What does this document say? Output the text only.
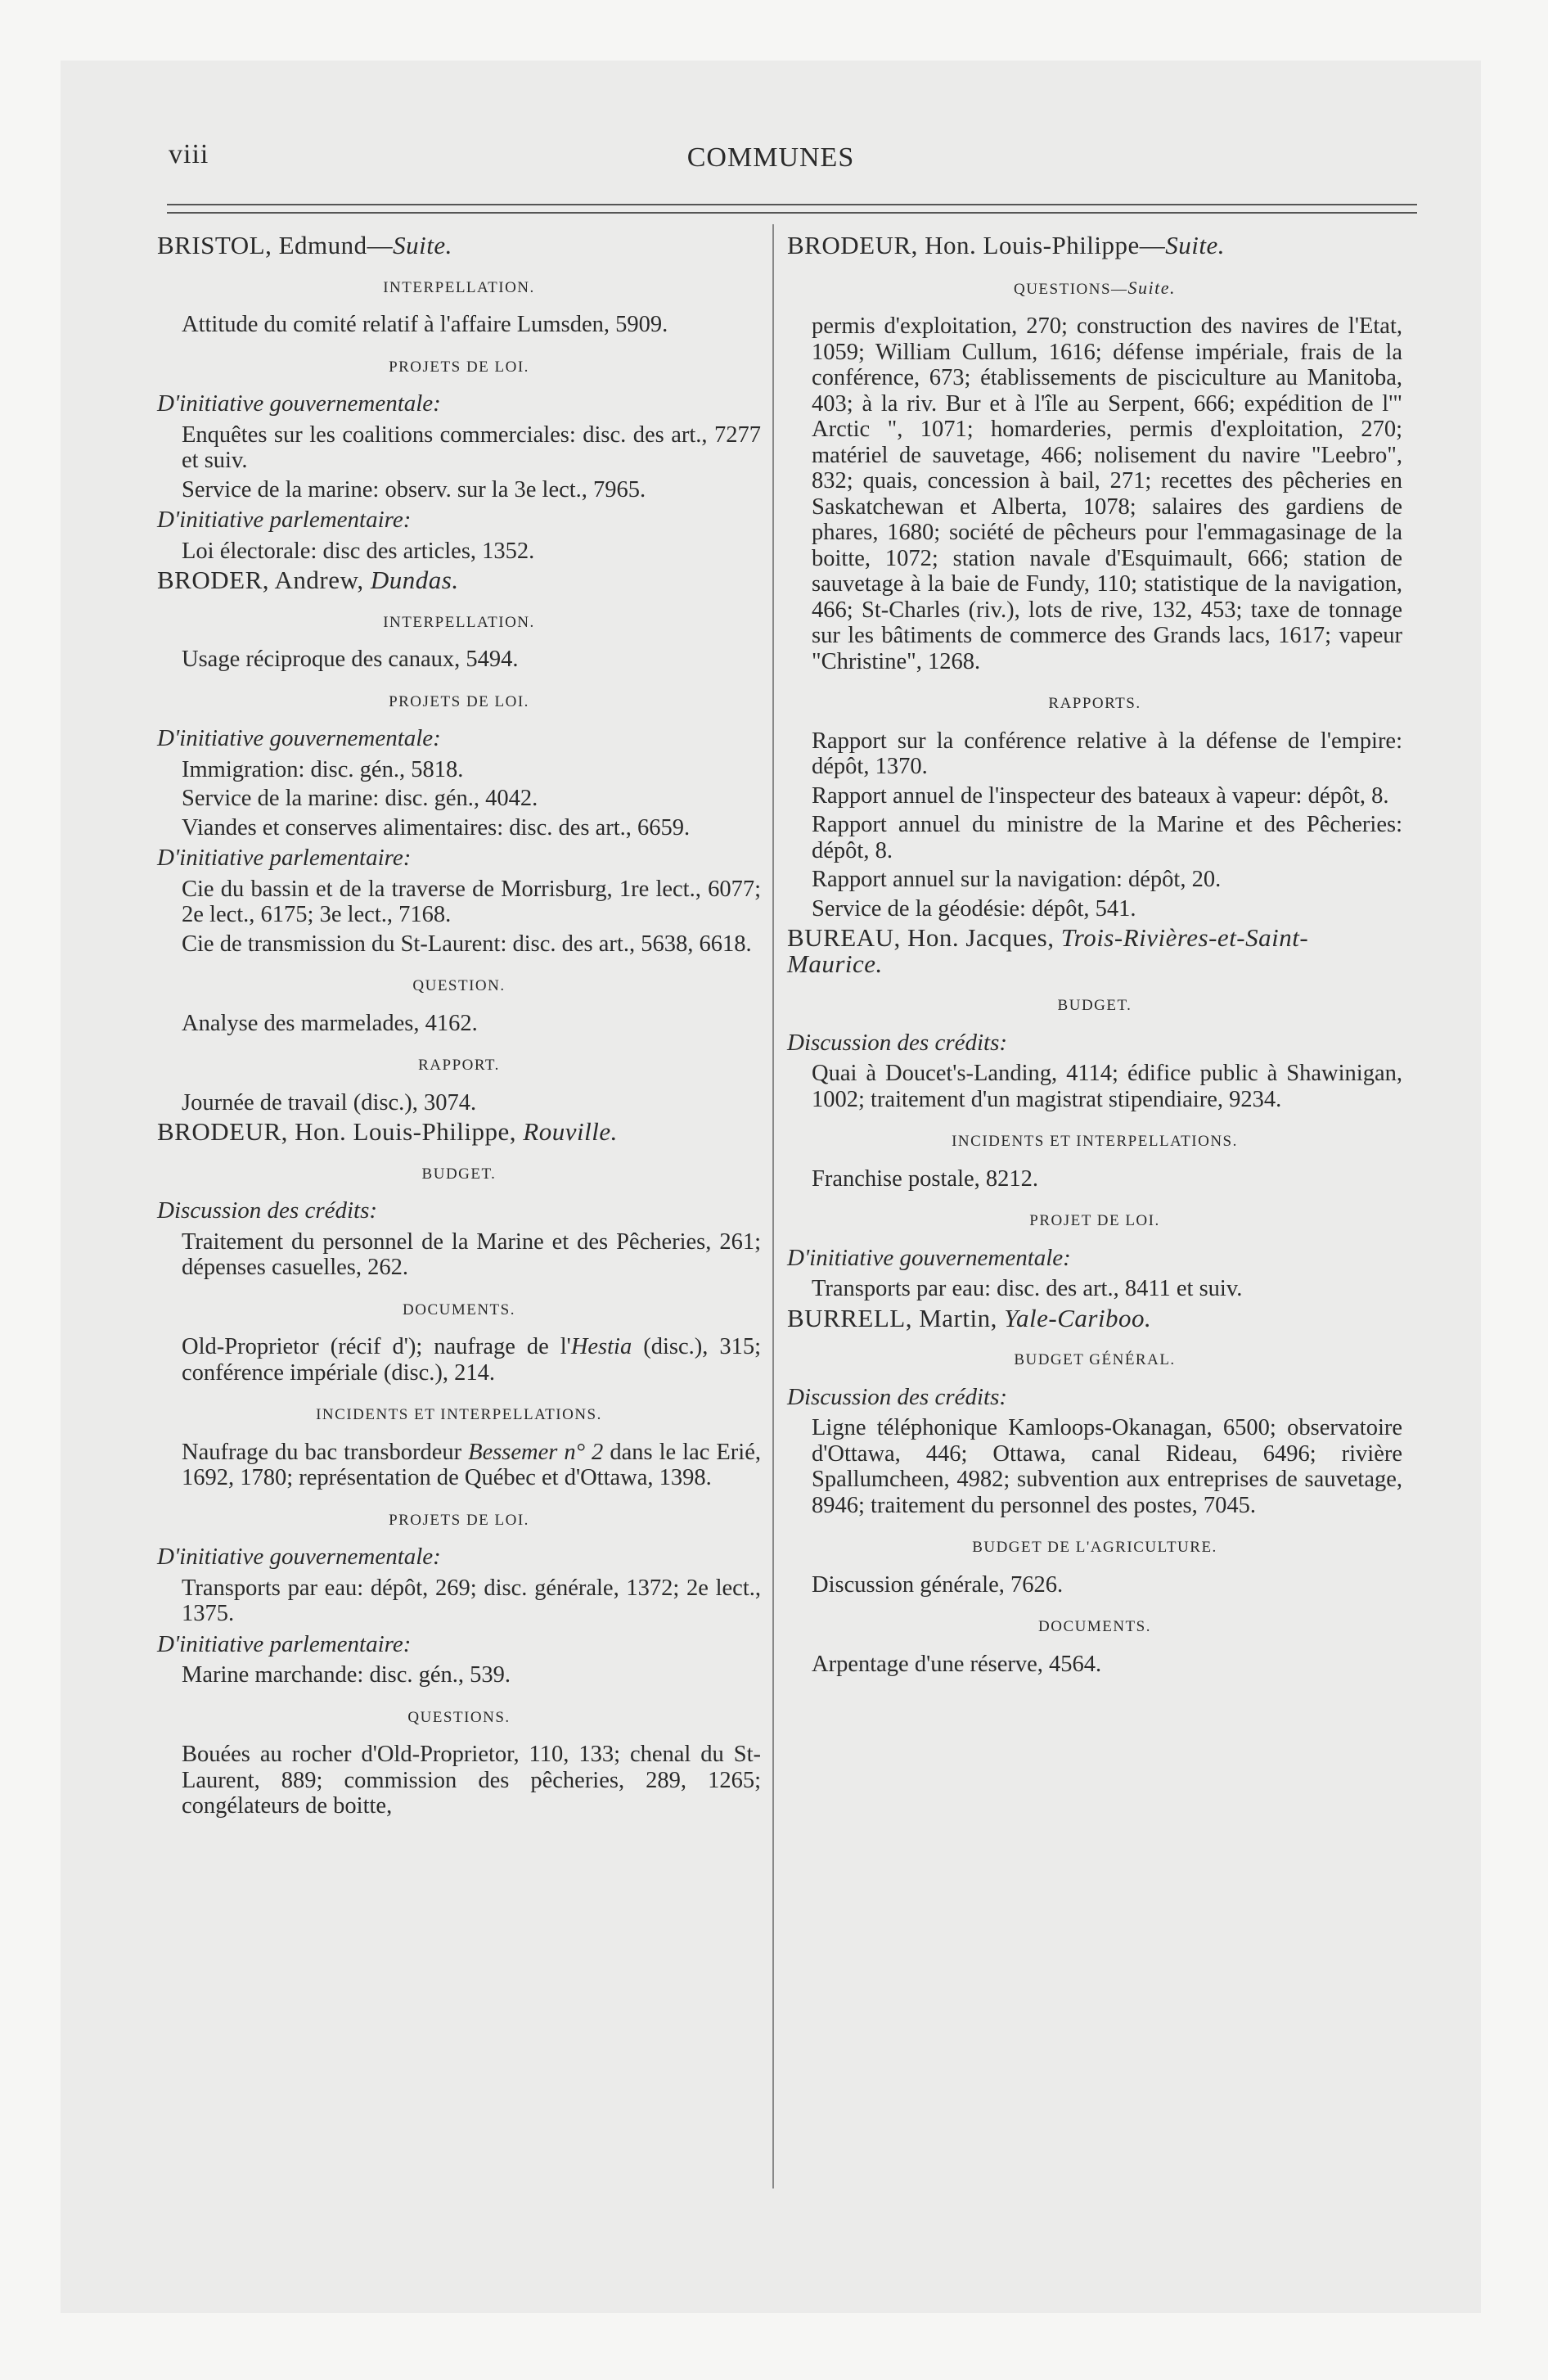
viii	COMMUNES
BRISTOL, Edmund—Suite.
INTERPELLATION.
Attitude du comité relatif à l'affaire Lumsden, 5909.
PROJETS DE LOI.
D'initiative gouvernementale:
Enquêtes sur les coalitions commerciales: disc. des art., 7277 et suiv.
Service de la marine: observ. sur la 3e lect., 7965.
D'initiative parlementaire:
Loi électorale: disc des articles, 1352.
BRODER, Andrew, Dundas.
INTERPELLATION.
Usage réciproque des canaux, 5494.
PROJETS DE LOI.
D'initiative gouvernementale:
Immigration: disc. gén., 5818.
Service de la marine: disc. gén., 4042.
Viandes et conserves alimentaires: disc. des art., 6659.
D'initiative parlementaire:
Cie du bassin et de la traverse de Morrisburg, 1re lect., 6077; 2e lect., 6175; 3e lect., 7168.
Cie de transmission du St-Laurent: disc. des art., 5638, 6618.
QUESTION.
Analyse des marmelades, 4162.
RAPPORT.
Journée de travail (disc.), 3074.
BRODEUR, Hon. Louis-Philippe, Rouville.
BUDGET.
Discussion des crédits:
Traitement du personnel de la Marine et des Pêcheries, 261; dépenses casuelles, 262.
DOCUMENTS.
Old-Proprietor (récif d'); naufrage de l'Hestia (disc.), 315; conférence impériale (disc.), 214.
INCIDENTS ET INTERPELLATIONS.
Naufrage du bac transbordeur Bessemer n° 2 dans le lac Erié, 1692, 1780; représentation de Québec et d'Ottawa, 1398.
PROJETS DE LOI.
D'initiative gouvernementale:
Transports par eau: dépôt, 269; disc. générale, 1372; 2e lect., 1375.
D'initiative parlementaire:
Marine marchande: disc. gén., 539.
QUESTIONS.
Bouées au rocher d'Old-Proprietor, 110, 133; chenal du St-Laurent, 889; commission des pêcheries, 289, 1265; congélateurs de boitte,
BRODEUR, Hon. Louis-Philippe—Suite.
QUESTIONS—Suite.
permis d'exploitation, 270; construction des navires de l'Etat, 1059; William Cullum, 1616; défense impériale, frais de la conférence, 673; établissements de pisciculture au Manitoba, 403; à la riv. Bur et à l'île au Serpent, 666; expédition de l'" Arctic ", 1071; homarderies, permis d'exploitation, 270; matériel de sauvetage, 466; nolisement du navire "Leebro", 832; quais, concession à bail, 271; recettes des pêcheries en Saskatchewan et Alberta, 1078; salaires des gardiens de phares, 1680; société de pêcheurs pour l'emmagasinage de la boitte, 1072; station navale d'Esquimault, 666; station de sauvetage à la baie de Fundy, 110; statistique de la navigation, 466; St-Charles (riv.), lots de rive, 132, 453; taxe de tonnage sur les bâtiments de commerce des Grands lacs, 1617; vapeur "Christine", 1268.
RAPPORTS.
Rapport sur la conférence relative à la défense de l'empire: dépôt, 1370.
Rapport annuel de l'inspecteur des bateaux à vapeur: dépôt, 8.
Rapport annuel du ministre de la Marine et des Pêcheries: dépôt, 8.
Rapport annuel sur la navigation: dépôt, 20.
Service de la géodésie: dépôt, 541.
BUREAU, Hon. Jacques, Trois-Rivières-et-Saint-Maurice.
BUDGET.
Discussion des crédits:
Quai à Doucet's-Landing, 4114; édifice public à Shawinigan, 1002; traitement d'un magistrat stipendiaire, 9234.
INCIDENTS ET INTERPELLATIONS.
Franchise postale, 8212.
PROJET DE LOI.
D'initiative gouvernementale:
Transports par eau: disc. des art., 8411 et suiv.
BURRELL, Martin, Yale-Cariboo.
BUDGET GÉNÉRAL.
Discussion des crédits:
Ligne téléphonique Kamloops-Okanagan, 6500; observatoire d'Ottawa, 446; Ottawa, canal Rideau, 6496; rivière Spallumcheen, 4982; subvention aux entreprises de sauvetage, 8946; traitement du personnel des postes, 7045.
BUDGET DE L'AGRICULTURE.
Discussion générale, 7626.
DOCUMENTS.
Arpentage d'une réserve, 4564.
